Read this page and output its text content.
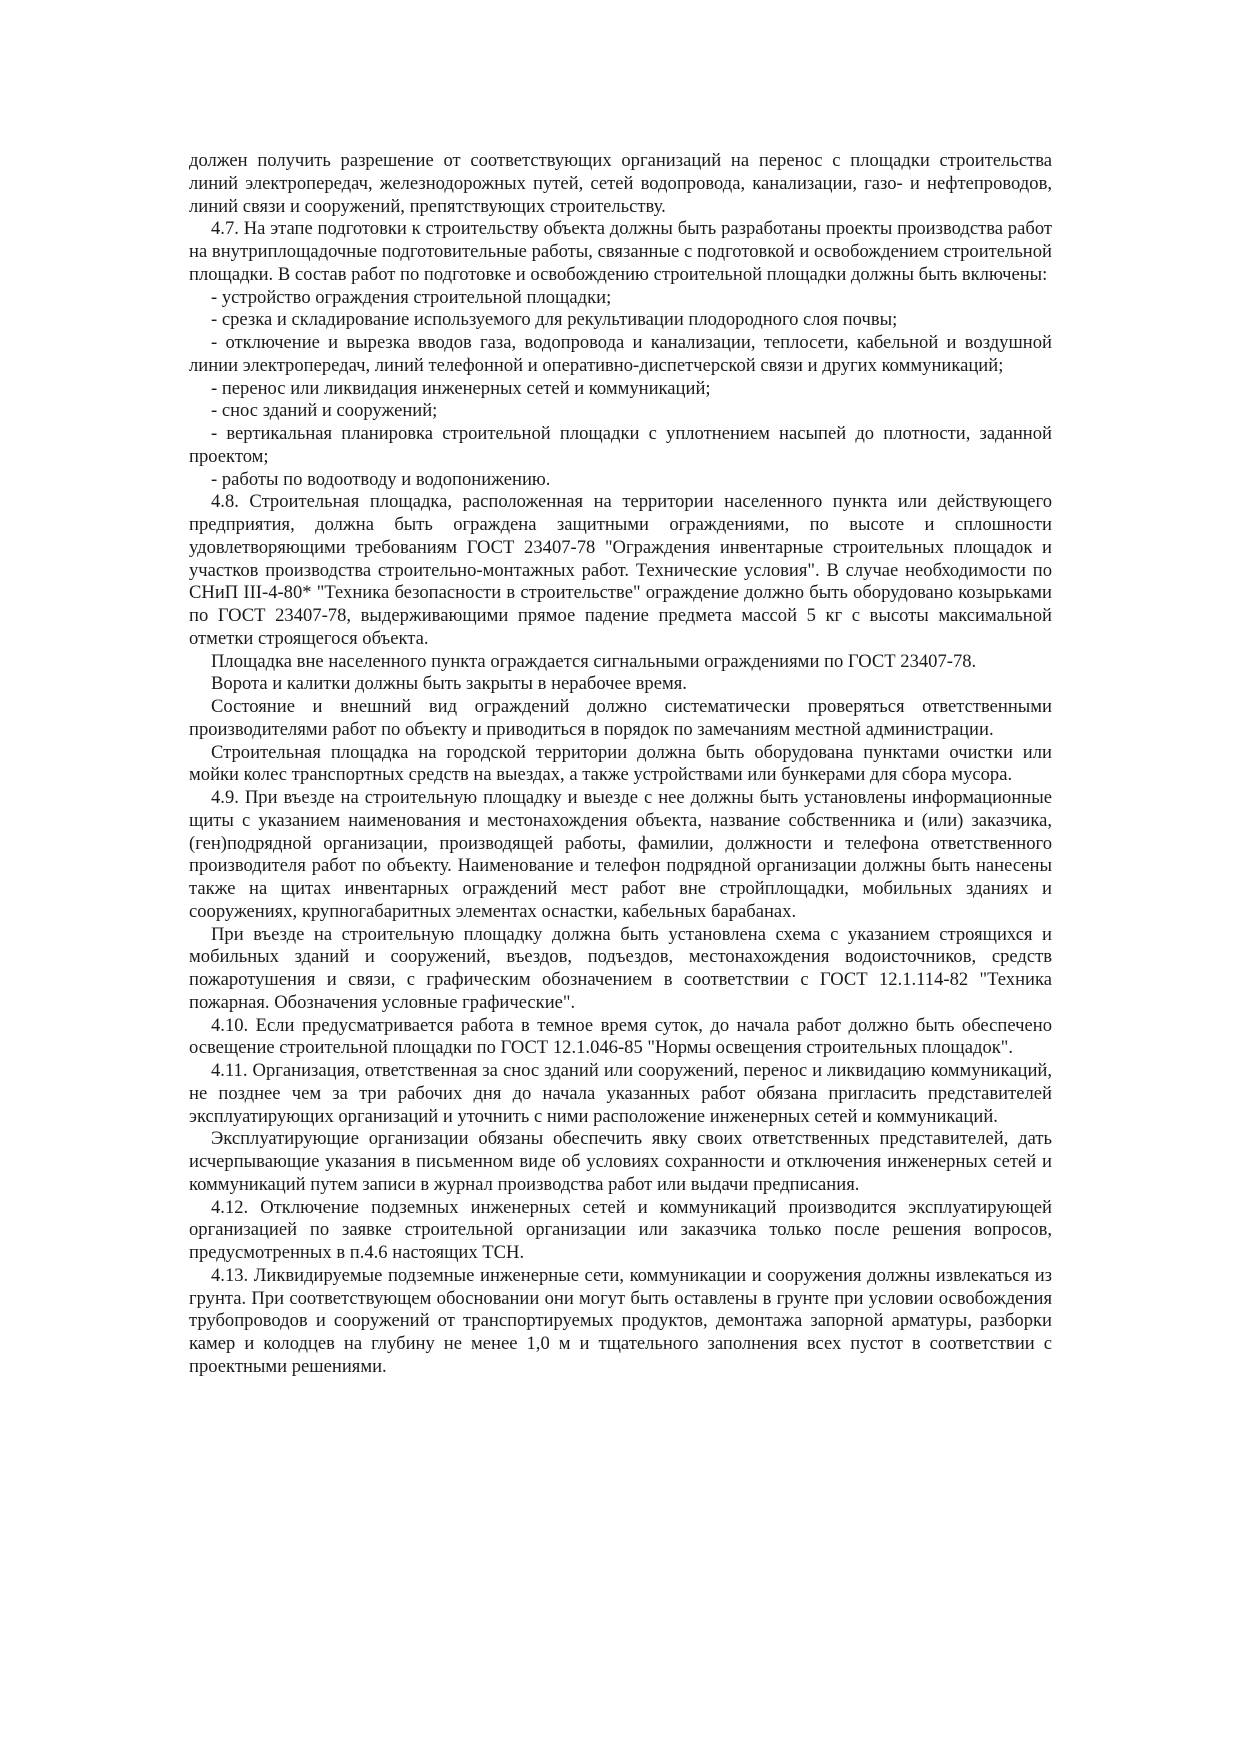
должен получить разрешение от соответствующих организаций на перенос с площадки строительства линий электропередач, железнодорожных путей, сетей водопровода, канализации, газо- и нефтепроводов, линий связи и сооружений, препятствующих строительству.

4.7. На этапе подготовки к строительству объекта должны быть разработаны проекты производства работ на внутриплощадочные подготовительные работы, связанные с подготовкой и освобождением строительной площадки. В состав работ по подготовке и освобождению строительной площадки должны быть включены:

- устройство ограждения строительной площадки;

- срезка и складирование используемого для рекультивации плодородного слоя почвы;

- отключение и вырезка вводов газа, водопровода и канализации, теплосети, кабельной и воздушной линии электропередач, линий телефонной и оперативно-диспетчерской связи и других коммуникаций;

- перенос или ликвидация инженерных сетей и коммуникаций;

- снос зданий и сооружений;

- вертикальная планировка строительной площадки с уплотнением насыпей до плотности, заданной проектом;

- работы по водоотводу и водопонижению.

4.8. Строительная площадка, расположенная на территории населенного пункта или действующего предприятия, должна быть ограждена защитными ограждениями, по высоте и сплошности удовлетворяющими требованиям ГОСТ 23407-78 "Ограждения инвентарные строительных площадок и участков производства строительно-монтажных работ. Технические условия". В случае необходимости по СНиП III-4-80* "Техника безопасности в строительстве" ограждение должно быть оборудовано козырьками по ГОСТ 23407-78, выдерживающими прямое падение предмета массой 5 кг с высоты максимальной отметки строящегося объекта.

Площадка вне населенного пункта ограждается сигнальными ограждениями по ГОСТ 23407-78.

Ворота и калитки должны быть закрыты в нерабочее время.

Состояние и внешний вид ограждений должно систематически проверяться ответственными производителями работ по объекту и приводиться в порядок по замечаниям местной администрации.

Строительная площадка на городской территории должна быть оборудована пунктами очистки или мойки колес транспортных средств на выездах, а также устройствами или бункерами для сбора мусора.

4.9. При въезде на строительную площадку и выезде с нее должны быть установлены информационные щиты с указанием наименования и местонахождения объекта, название собственника и (или) заказчика, (ген)подрядной организации, производящей работы, фамилии, должности и телефона ответственного производителя работ по объекту. Наименование и телефон подрядной организации должны быть нанесены также на щитах инвентарных ограждений мест работ вне стройплощадки, мобильных зданиях и сооружениях, крупногабаритных элементах оснастки, кабельных барабанах.

При въезде на строительную площадку должна быть установлена схема с указанием строящихся и мобильных зданий и сооружений, въездов, подъездов, местонахождения водоисточников, средств пожаротушения и связи, с графическим обозначением в соответствии с ГОСТ 12.1.114-82 "Техника пожарная. Обозначения условные графические".

4.10. Если предусматривается работа в темное время суток, до начала работ должно быть обеспечено освещение строительной площадки по ГОСТ 12.1.046-85 "Нормы освещения строительных площадок".

4.11. Организация, ответственная за снос зданий или сооружений, перенос и ликвидацию коммуникаций, не позднее чем за три рабочих дня до начала указанных работ обязана пригласить представителей эксплуатирующих организаций и уточнить с ними расположение инженерных сетей и коммуникаций.

Эксплуатирующие организации обязаны обеспечить явку своих ответственных представителей, дать исчерпывающие указания в письменном виде об условиях сохранности и отключения инженерных сетей и коммуникаций путем записи в журнал производства работ или выдачи предписания.

4.12. Отключение подземных инженерных сетей и коммуникаций производится эксплуатирующей организацией по заявке строительной организации или заказчика только после решения вопросов, предусмотренных в п.4.6 настоящих ТСН.

4.13. Ликвидируемые подземные инженерные сети, коммуникации и сооружения должны извлекаться из грунта. При соответствующем обосновании они могут быть оставлены в грунте при условии освобождения трубопроводов и сооружений от транспортируемых продуктов, демонтажа запорной арматуры, разборки камер и колодцев на глубину не менее 1,0 м и тщательного заполнения всех пустот в соответствии с проектными решениями.
